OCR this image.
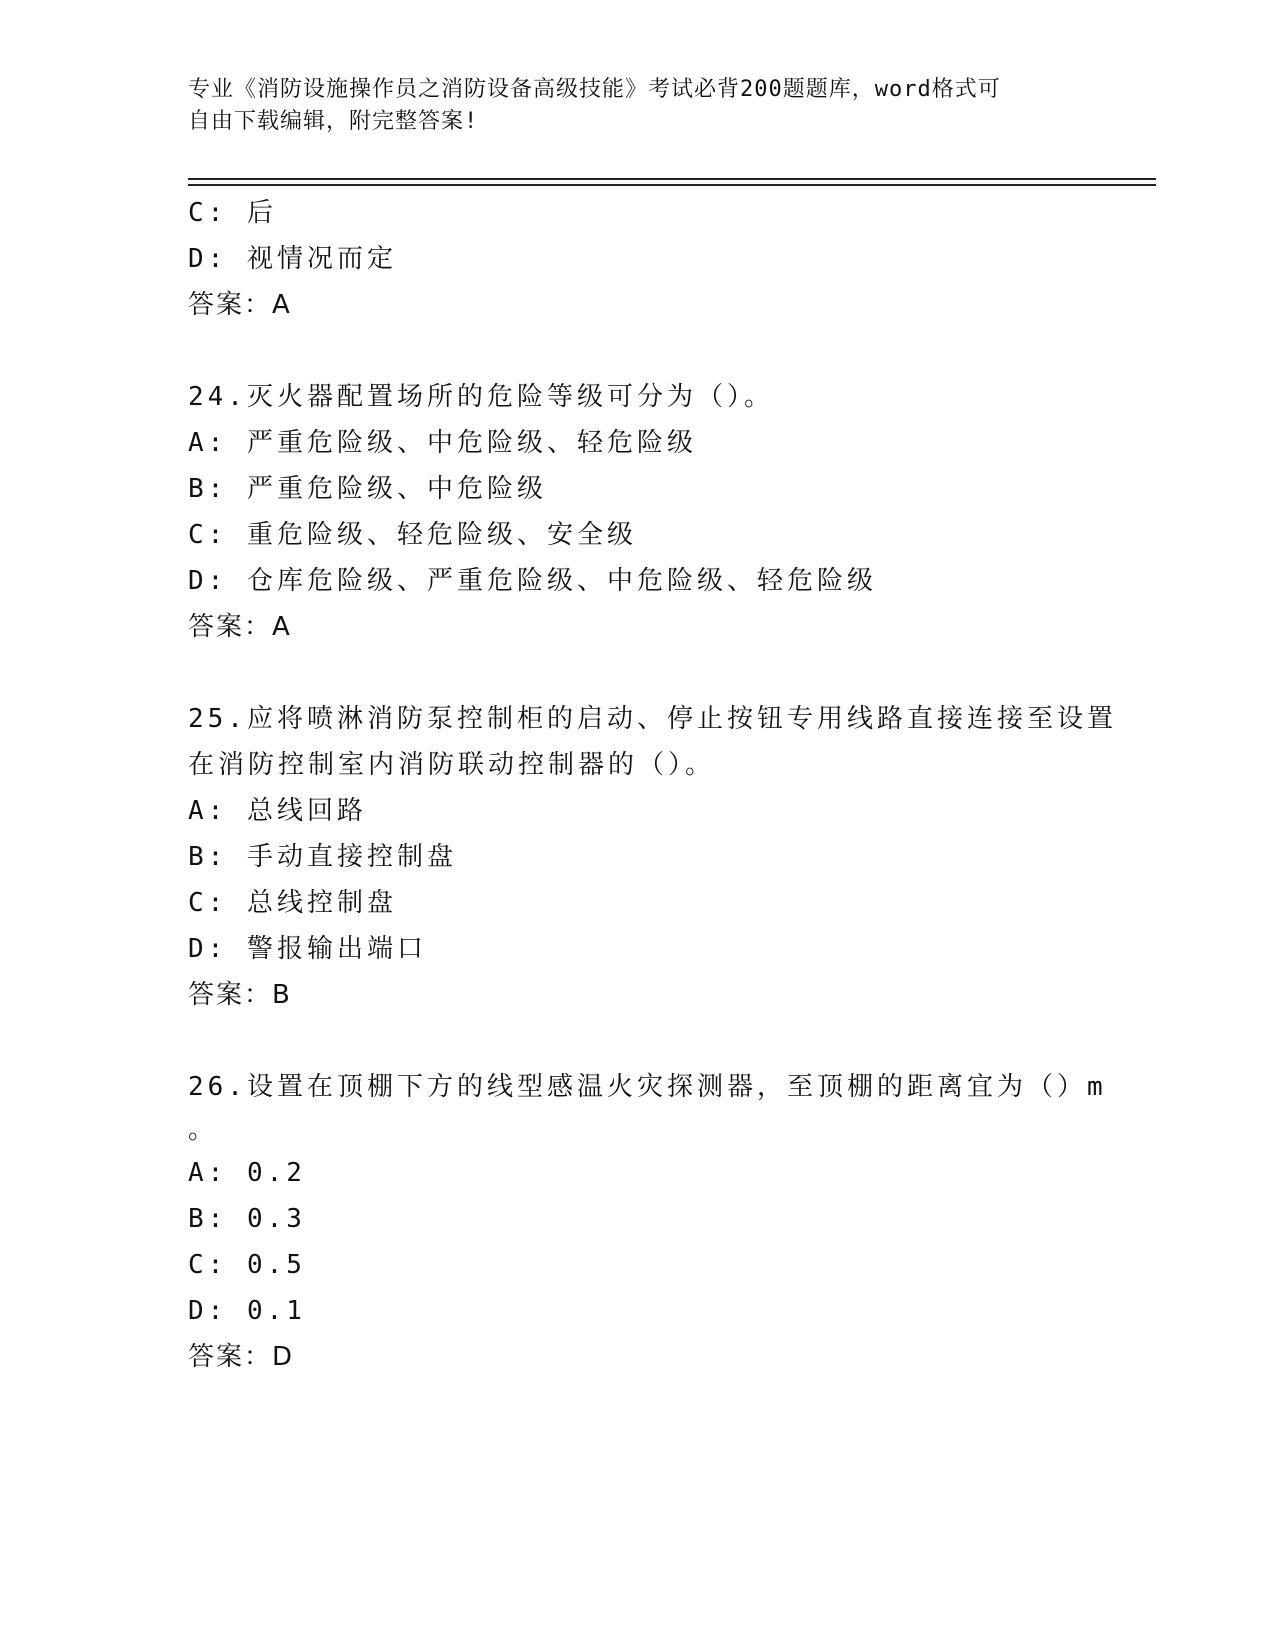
专业《消防设施操作员之消防设备高级技能》考试必背200题题库，word格式可
自由下载编辑，附完整答案!
C: 后
D: 视情况而定
答案：A
24.灭火器配置场所的危险等级可分为（）。
A: 严重危险级、中危险级、轻危险级
B: 严重危险级、中危险级
C: 重危险级、轻危险级、安全级
D: 仓库危险级、严重危险级、中危险级、轻危险级
答案：A
25.应将喷淋消防泵控制柜的启动、停止按钮专用线路直接连接至设置
在消防控制室内消防联动控制器的（）。
A: 总线回路
B: 手动直接控制盘
C: 总线控制盘
D: 警报输出端口
答案：B
26.设置在顶棚下方的线型感温火灾探测器，至顶棚的距离宜为（）m
。
A: 0.2
B: 0.3
C: 0.5
D: 0.1
答案：D
